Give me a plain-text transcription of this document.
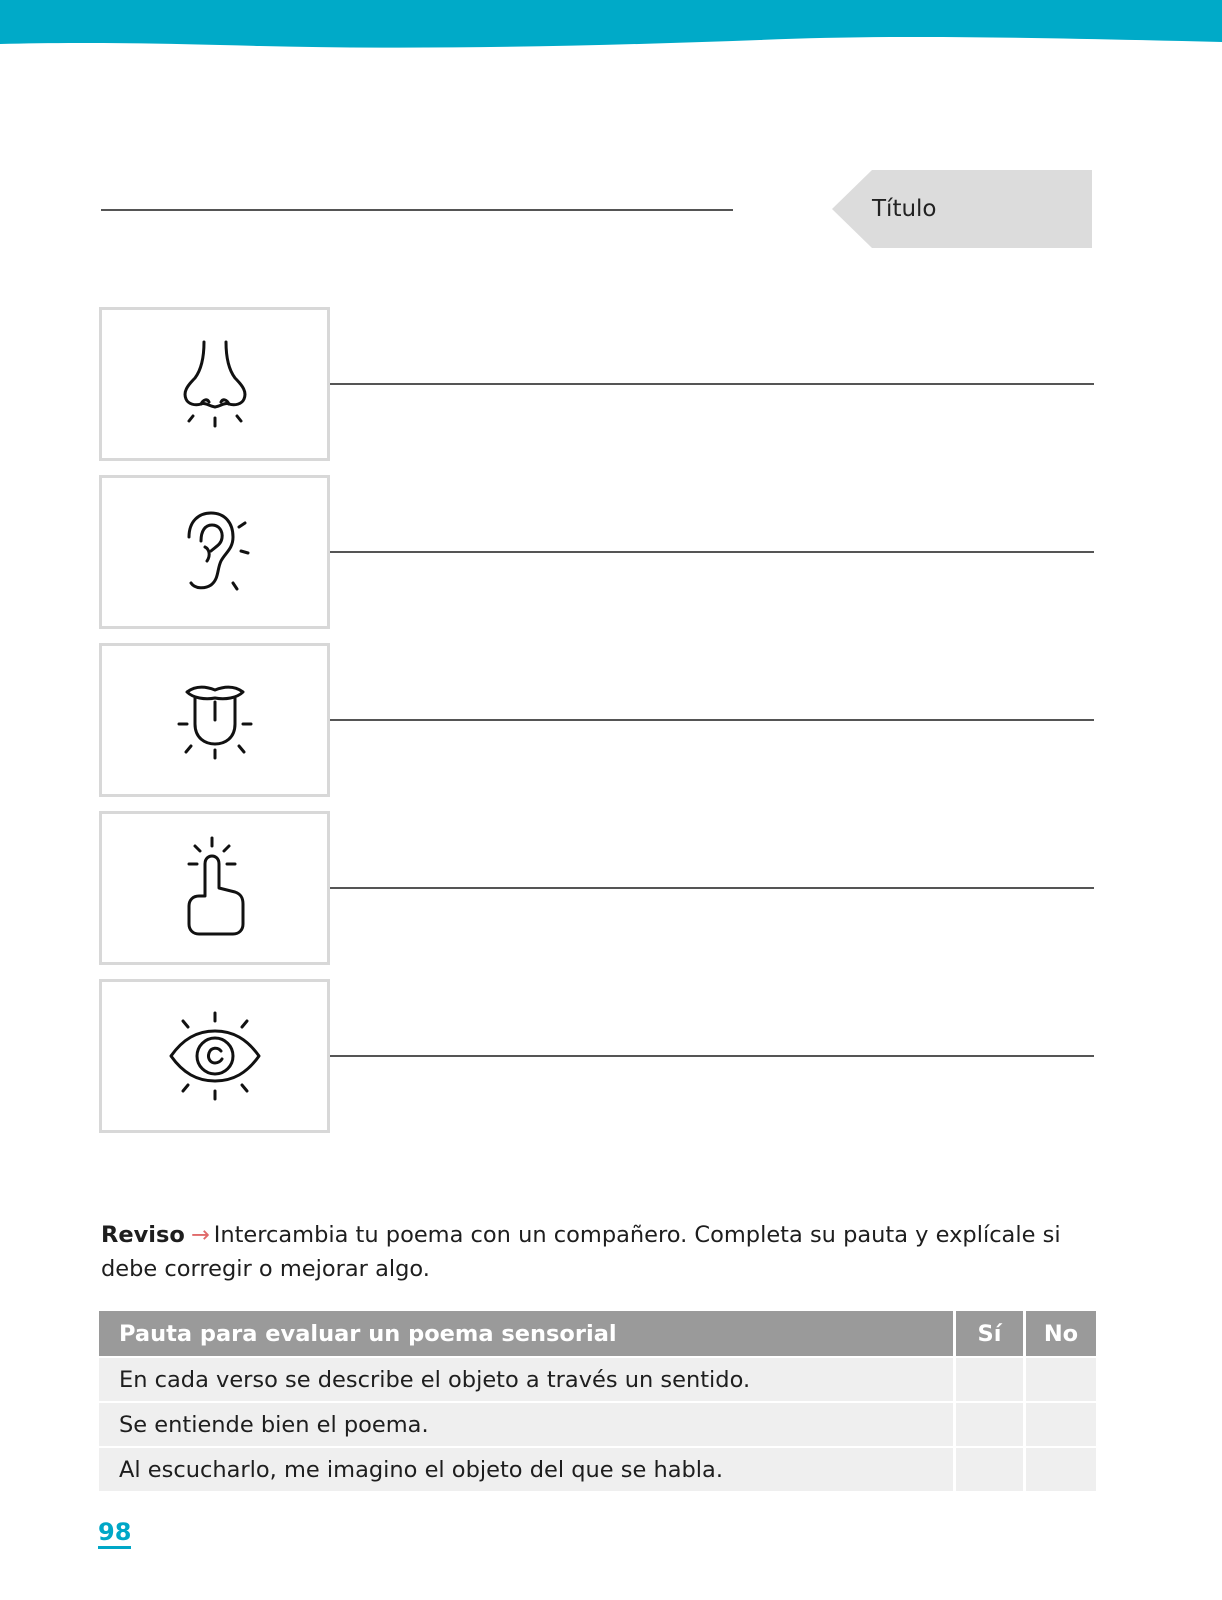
Título

Reviso → Intercambia tu poema con un compañero. Completa su pauta y explícale si debe corregir o mejorar algo.

Pauta para evaluar un poema sensorial	Sí	No
En cada verso se describe el objeto a través un sentido.		
Se entiende bien el poema.		
Al escucharlo, me imagino el objeto del que se habla.		
98
